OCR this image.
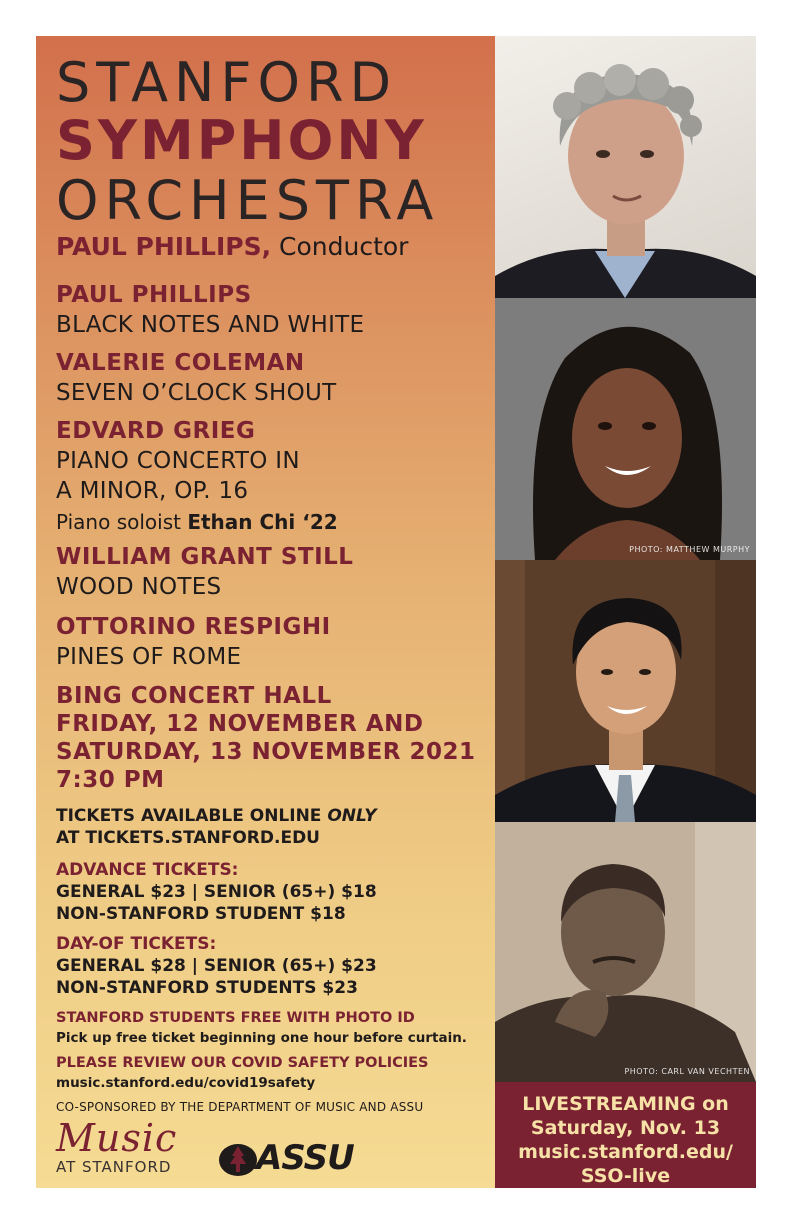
STANFORD
SYMPHONY
ORCHESTRA
PAUL PHILLIPS, Conductor
PAUL PHILLIPS
BLACK NOTES AND WHITE
VALERIE COLEMAN
SEVEN O’CLOCK SHOUT
EDVARD GRIEG
PIANO CONCERTO IN
A MINOR, OP. 16
Piano soloist Ethan Chi ‘22
WILLIAM GRANT STILL
WOOD NOTES
OTTORINO RESPIGHI
PINES OF ROME
BING CONCERT HALL
FRIDAY, 12 NOVEMBER AND
SATURDAY, 13 NOVEMBER 2021
7:30 PM
TICKETS AVAILABLE ONLINE ONLY
AT TICKETS.STANFORD.EDU
ADVANCE TICKETS:
GENERAL $23 | SENIOR (65+) $18
NON-STANFORD STUDENT $18
DAY-OF TICKETS:
GENERAL $28 | SENIOR (65+) $23
NON-STANFORD STUDENTS $23
STANFORD STUDENTS FREE WITH PHOTO ID
Pick up free ticket beginning one hour before curtain.
PLEASE REVIEW OUR COVID SAFETY POLICIES
music.stanford.edu/covid19safety
CO-SPONSORED BY THE DEPARTMENT OF MUSIC AND ASSU
Music
AT STANFORD ASSU
PHOTO: MATTHEW MURPHY
PHOTO: CARL VAN VECHTEN
LIVESTREAMING on
Saturday, Nov. 13
music.stanford.edu/
SSO-live
